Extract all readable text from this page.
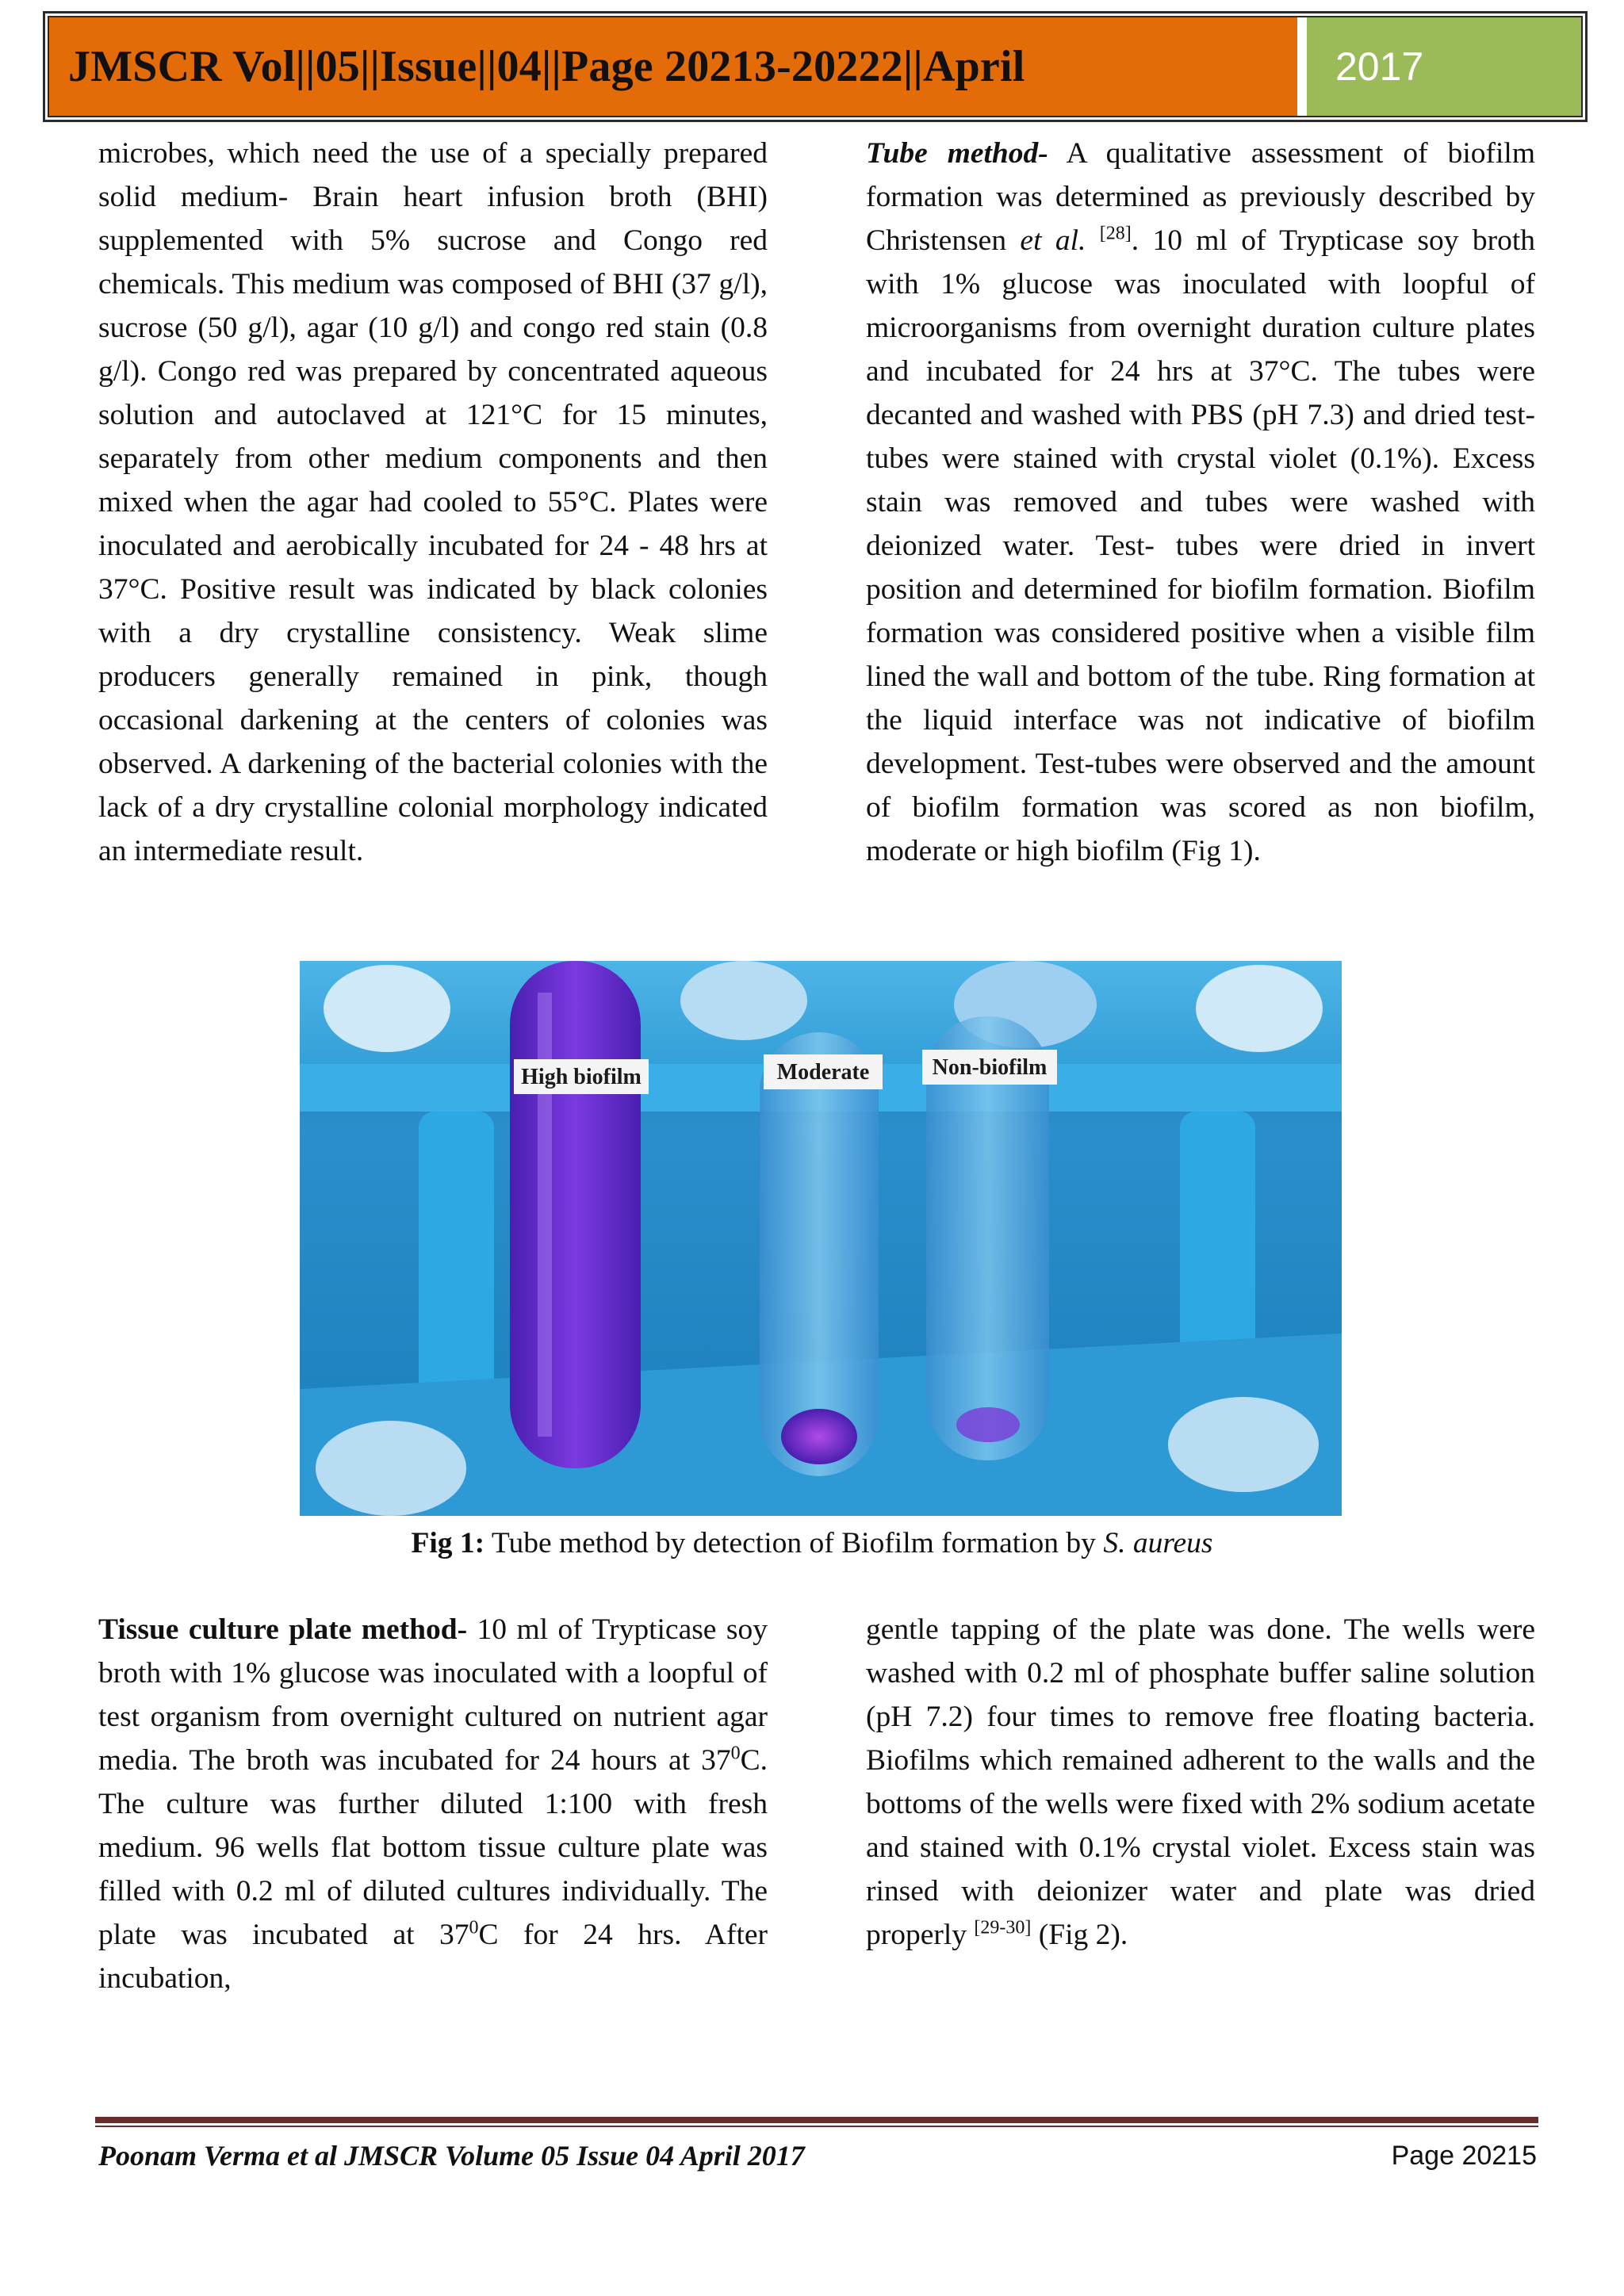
JMSCR Vol||05||Issue||04||Page 20213-20222||April	2017

microbes, which need the use of a specially prepared solid medium- Brain heart infusion broth (BHI) supplemented with 5% sucrose and Congo red chemicals. This medium was composed of BHI (37 g/l), sucrose (50 g/l), agar (10 g/l) and congo red stain (0.8 g/l). Congo red was prepared by concentrated aqueous solution and autoclaved at 121°C for 15 minutes, separately from other medium components and then mixed when the agar had cooled to 55°C. Plates were inoculated and aerobically incubated for 24 - 48 hrs at 37°C. Positive result was indicated by black colonies with a dry crystalline consistency. Weak slime producers generally remained in pink, though occasional darkening at the centers of colonies was observed. A darkening of the bacterial colonies with the lack of a dry crystalline colonial morphology indicated an intermediate result.

Tube method- A qualitative assessment of biofilm formation was determined as previously described by Christensen et al. [28]. 10 ml of Trypticase soy broth with 1% glucose was inoculated with loopful of microorganisms from overnight duration culture plates and incubated for 24 hrs at 37°C. The tubes were decanted and washed with PBS (pH 7.3) and dried test-tubes were stained with crystal violet (0.1%). Excess stain was removed and tubes were washed with deionized water. Test- tubes were dried in invert position and determined for biofilm formation. Biofilm formation was considered positive when a visible film lined the wall and bottom of the tube. Ring formation at the liquid interface was not indicative of biofilm development. Test-tubes were observed and the amount of biofilm formation was scored as non biofilm, moderate or high biofilm (Fig 1).

High biofilm	Moderate	Non-biofilm
Fig 1: Tube method by detection of Biofilm formation by S. aureus

Tissue culture plate method- 10 ml of Trypticase soy broth with 1% glucose was inoculated with a loopful of test organism from overnight cultured on nutrient agar media. The broth was incubated for 24 hours at $37^0C$. The culture was further diluted 1:100 with fresh medium. 96 wells flat bottom tissue culture plate was filled with 0.2 ml of diluted cultures individually. The plate was incubated at $37^0C$ for 24 hrs. After incubation,

gentle tapping of the plate was done. The wells were washed with 0.2 ml of phosphate buffer saline solution (pH 7.2) four times to remove free floating bacteria. Biofilms which remained adherent to the walls and the bottoms of the wells were fixed with 2% sodium acetate and stained with 0.1% crystal violet. Excess stain was rinsed with deionizer water and plate was dried properly [29-30] (Fig 2).

Poonam Verma et al JMSCR Volume 05 Issue 04 April 2017	Page 20215
